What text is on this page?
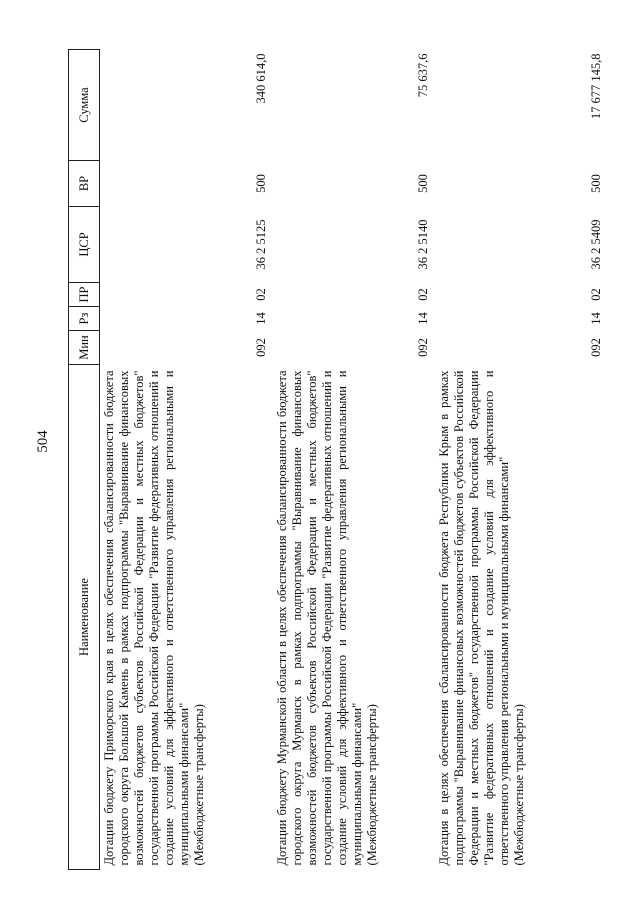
504
Наименование	Мин	Рз	ПР	ЦСР	ВР	Сумма
Дотации бюджету Приморского края в целях обеспечения сбалансированности бюджета городского округа Большой Камень в рамках подпрограммы "Выравнивание финансовых возможностей бюджетов субъектов Российской Федерации и местных бюджетов" государственной программы Российской Федерации "Развитие федеративных отношений и создание условий для эффективного и ответственного управления региональными и муниципальными финансами"
(Межбюджетные трансферты)	092	14	02	36 2 5125	500	340 614,0
Дотации бюджету Мурманской области в целях обеспечения сбалансированности бюджета городского округа Мурманск в рамках подпрограммы "Выравнивание финансовых возможностей бюджетов субъектов Российской Федерации и местных бюджетов" государственной программы Российской Федерации "Развитие федеративных отношений и создание условий для эффективного и ответственного управления региональными и муниципальными финансами"
(Межбюджетные трансферты)	092	14	02	36 2 5140	500	75 637,6
Дотация в целях обеспечения сбалансированности бюджета Республики Крым в рамках подпрограммы "Выравнивание финансовых возможностей бюджетов субъектов Российской Федерации и местных бюджетов" государственной программы Российской Федерации "Развитие федеративных отношений и создание условий для эффективного и ответственного управления региональными и муниципальными финансами"
(Межбюджетные трансферты)	092	14	02	36 2 5409	500	17 677 145,8
